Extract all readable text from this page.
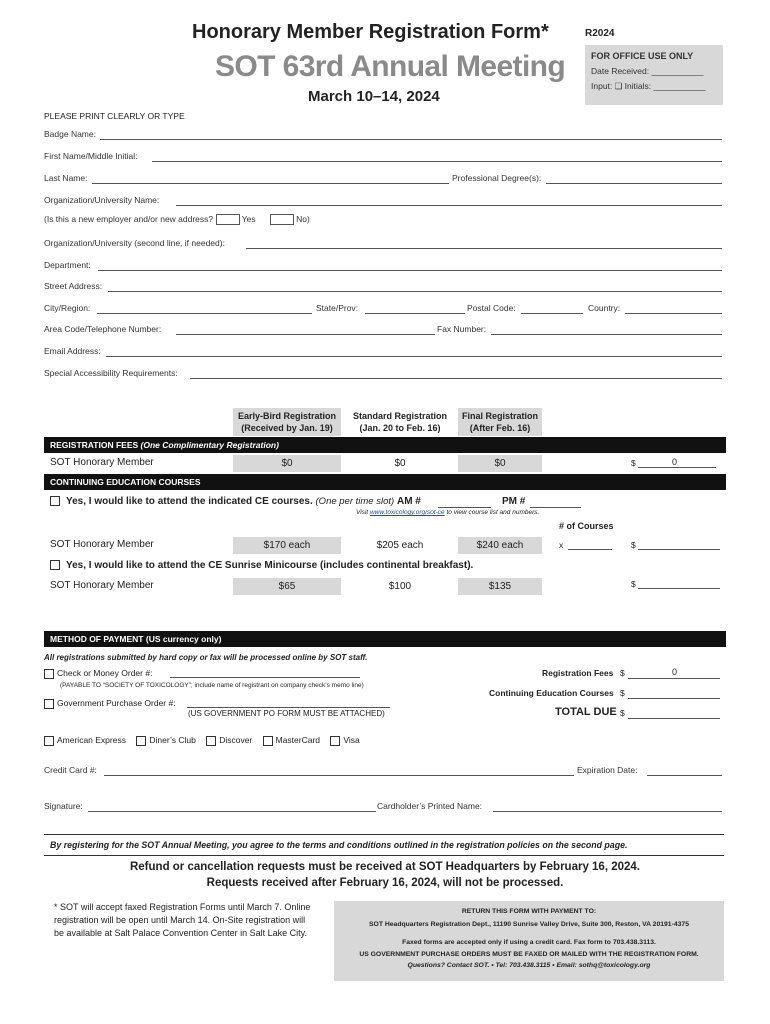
Honorary Member Registration Form*	R2024
SOT 63rd Annual Meeting
March 10–14, 2024
FOR OFFICE USE ONLY
Date Received: ___________
Input: ❑ Initials: ___________
PLEASE PRINT CLEARLY OR TYPE
Badge Name:
First Name/Middle Initial:
Last Name:	Professional Degree(s):
Organization/University Name:
(Is this a new employer and/or new address?	Yes	No)
Organization/University (second line, if needed):
Department:
Street Address:
City/Region:	State/Prov:	Postal Code:	Country:
Area Code/Telephone Number:	Fax Number:
Email Address:
Special Accessibility Requirements:
Early-Bird Registration
(Received by Jan. 19)
Standard Registration
(Jan. 20 to Feb. 16)
Final Registration
(After Feb. 16)
REGISTRATION FEES (One Complimentary Registration)
SOT Honorary Member	$0	$0	$0	$	0
CONTINUING EDUCATION COURSES
Yes, I would like to attend the indicated CE courses. (One per time slot) AM #	PM #
Visit www.toxicology.org/sot-ce to view course list and numbers.
# of Courses
SOT Honorary Member	$170 each	$205 each	$240 each	x	$
Yes, I would like to attend the CE Sunrise Minicourse (includes continental breakfast).
SOT Honorary Member	$65	$100	$135	$
METHOD OF PAYMENT (US currency only)
All registrations submitted by hard copy or fax will be processed online by SOT staff.
Check or Money Order #:
(PAYABLE TO “SOCIETY OF TOXICOLOGY”; include name of registrant on company check’s memo line)
Government Purchase Order #:
(US GOVERNMENT PO FORM MUST BE ATTACHED)
Registration Fees $	0
Continuing Education Courses $
TOTAL DUE $
American Express	Diner’s Club	Discover	MasterCard	Visa
Credit Card #:	Expiration Date:
Signature:	Cardholder’s Printed Name:
By registering for the SOT Annual Meeting, you agree to the terms and conditions outlined in the registration policies on the second page.
Refund or cancellation requests must be received at SOT Headquarters by February 16, 2024.
Requests received after February 16, 2024, will not be processed.
* SOT will accept faxed Registration Forms until March 7. Online registration will be open until March 14. On-Site registration will be available at Salt Palace Convention Center in Salt Lake City.
RETURN THIS FORM WITH PAYMENT TO:
SOT Headquarters Registration Dept., 11190 Sunrise Valley Drive, Suite 300, Reston, VA 20191-4375
Faxed forms are accepted only if using a credit card. Fax form to 703.438.3113.
US GOVERNMENT PURCHASE ORDERS MUST BE FAXED OR MAILED WITH THE REGISTRATION FORM.
Questions? Contact SOT. • Tel: 703.438.3115 • Email: sothq@toxicology.org
